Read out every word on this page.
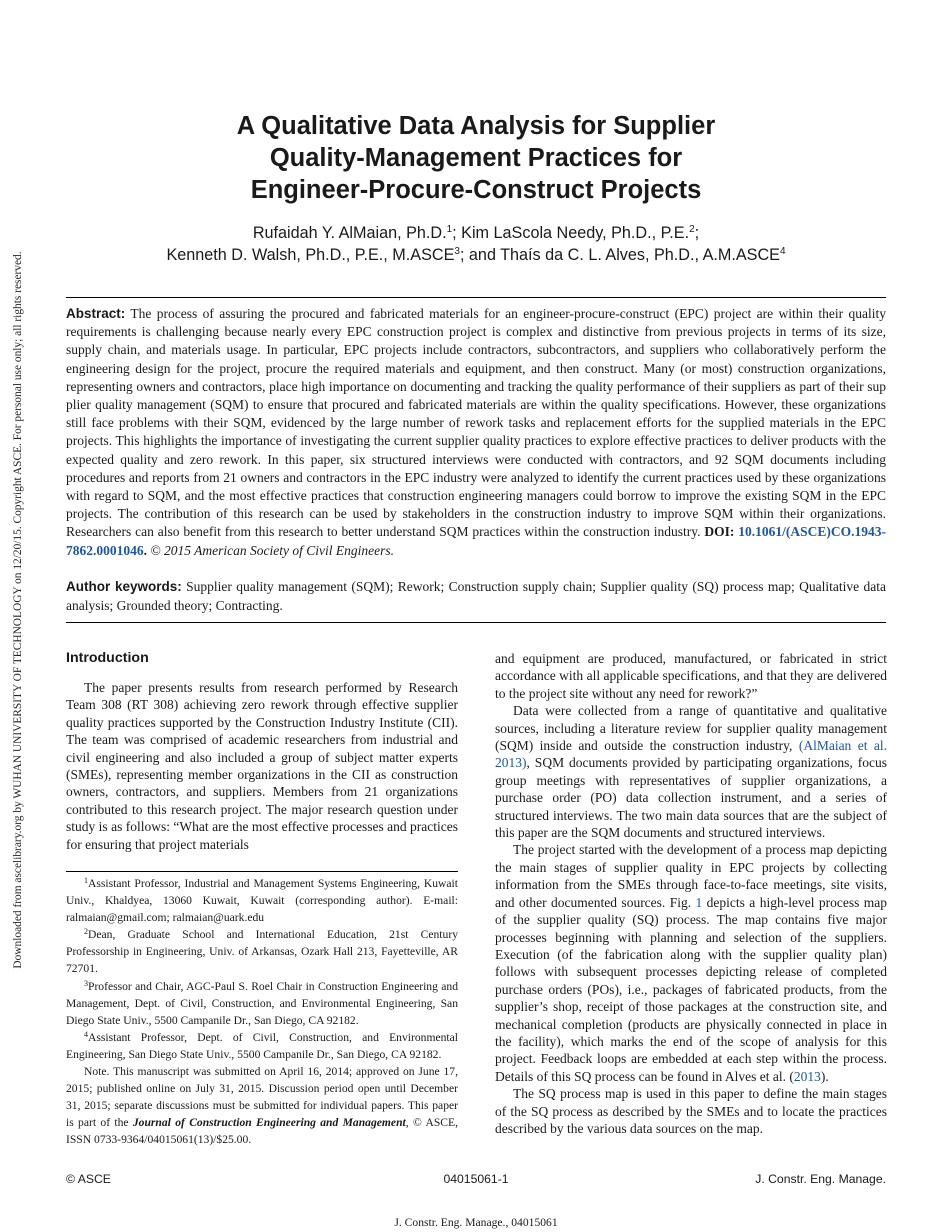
Downloaded from ascelibrary.org by WUHAN UNIVERSITY OF TECHNOLOGY on 12/20/15. Copyright ASCE. For personal use only; all rights reserved.
A Qualitative Data Analysis for Supplier
Quality-Management Practices for
Engineer-Procure-Construct Projects
Rufaidah Y. AlMaian, Ph.D.$^1$; Kim LaScola Needy, Ph.D., P.E.$^2$;
Kenneth D. Walsh, Ph.D., P.E., M.ASCE$^3$; and Thaís da C. L. Alves, Ph.D., A.M.ASCE$^4$
Abstract: The process of assuring the procured and fabricated materials for an engineer-procure-construct (EPC) project are within their quality requirements is challenging because nearly every EPC construction project is complex and distinctive from previous projects in terms of its size, supply chain, and materials usage. In particular, EPC projects include contractors, subcontractors, and suppliers who collaboratively perform the engineering design for the project, procure the required materials and equipment, and then construct. Many (or most) construction organizations, representing owners and contractors, place high importance on documenting and tracking the quality performance of their suppliers as part of their sup plier quality management (SQM) to ensure that procured and fabricated materials are within the quality specifications. However, these organizations still face problems with their SQM, evidenced by the large number of rework tasks and replacement efforts for the supplied materials in the EPC projects. This highlights the importance of investigating the current supplier quality practices to explore effective practices to deliver products with the expected quality and zero rework. In this paper, six structured interviews were conducted with contractors, and 92 SQM documents including procedures and reports from 21 owners and contractors in the EPC industry were analyzed to identify the current practices used by these organizations with regard to SQM, and the most effective practices that construction engineering managers could borrow to improve the existing SQM in the EPC projects. The contribution of this research can be used by stakeholders in the construction industry to improve SQM within their organizations. Researchers can also benefit from this research to better understand SQM practices within the construction industry. DOI: 10.1061/(ASCE)CO.1943-7862.0001046. © 2015 American Society of Civil Engineers.
Author keywords: Supplier quality management (SQM); Rework; Construction supply chain; Supplier quality (SQ) process map; Qualitative data analysis; Grounded theory; Contracting.
Introduction

The paper presents results from research performed by Research Team 308 (RT 308) achieving zero rework through effective supplier quality practices supported by the Construction Industry Institute (CII). The team was comprised of academic researchers from industrial and civil engineering and also included a group of subject matter experts (SMEs), representing member organizations in the CII as construction owners, contractors, and suppliers. Members from 21 organizations contributed to this research project. The major research question under study is as follows: “What are the most effective processes and practices for ensuring that project materials

$^1$Assistant Professor, Industrial and Management Systems Engineering, Kuwait Univ., Khaldyea, 13060 Kuwait, Kuwait (corresponding author). E-mail: ralmaian@gmail.com; ralmaian@uark.edu

$^2$Dean, Graduate School and International Education, 21st Century Professorship in Engineering, Univ. of Arkansas, Ozark Hall 213, Fayetteville, AR 72701.

$^3$Professor and Chair, AGC-Paul S. Roel Chair in Construction Engineering and Management, Dept. of Civil, Construction, and Environmental Engineering, San Diego State Univ., 5500 Campanile Dr., San Diego, CA 92182.

$^4$Assistant Professor, Dept. of Civil, Construction, and Environmental Engineering, San Diego State Univ., 5500 Campanile Dr., San Diego, CA 92182.

Note. This manuscript was submitted on April 16, 2014; approved on June 17, 2015; published online on July 31, 2015. Discussion period open until December 31, 2015; separate discussions must be submitted for individual papers. This paper is part of the Journal of Construction Engineering and Management, © ASCE, ISSN 0733-9364/04015061(13)/$25.00.

and equipment are produced, manufactured, or fabricated in strict accordance with all applicable specifications, and that they are delivered to the project site without any need for rework?”

Data were collected from a range of quantitative and qualitative sources, including a literature review for supplier quality management (SQM) inside and outside the construction industry, (AlMaian et al. 2013), SQM documents provided by participating organizations, focus group meetings with representatives of supplier organizations, a purchase order (PO) data collection instrument, and a series of structured interviews. The two main data sources that are the subject of this paper are the SQM documents and structured interviews.

The project started with the development of a process map depicting the main stages of supplier quality in EPC projects by collecting information from the SMEs through face-to-face meetings, site visits, and other documented sources. Fig. 1 depicts a high-level process map of the supplier quality (SQ) process. The map contains five major processes beginning with planning and selection of the suppliers. Execution (of the fabrication along with the supplier quality plan) follows with subsequent processes depicting release of completed purchase orders (POs), i.e., packages of fabricated products, from the supplier’s shop, receipt of those packages at the construction site, and mechanical completion (products are physically connected in place in the facility), which marks the end of the scope of analysis for this project. Feedback loops are embedded at each step within the process. Details of this SQ process can be found in Alves et al. (2013).

The SQ process map is used in this paper to define the main stages of the SQ process as described by the SMEs and to locate the practices described by the various data sources on the map.

© ASCE	04015061-1	J. Constr. Eng. Manage.
J. Constr. Eng. Manage., 04015061
